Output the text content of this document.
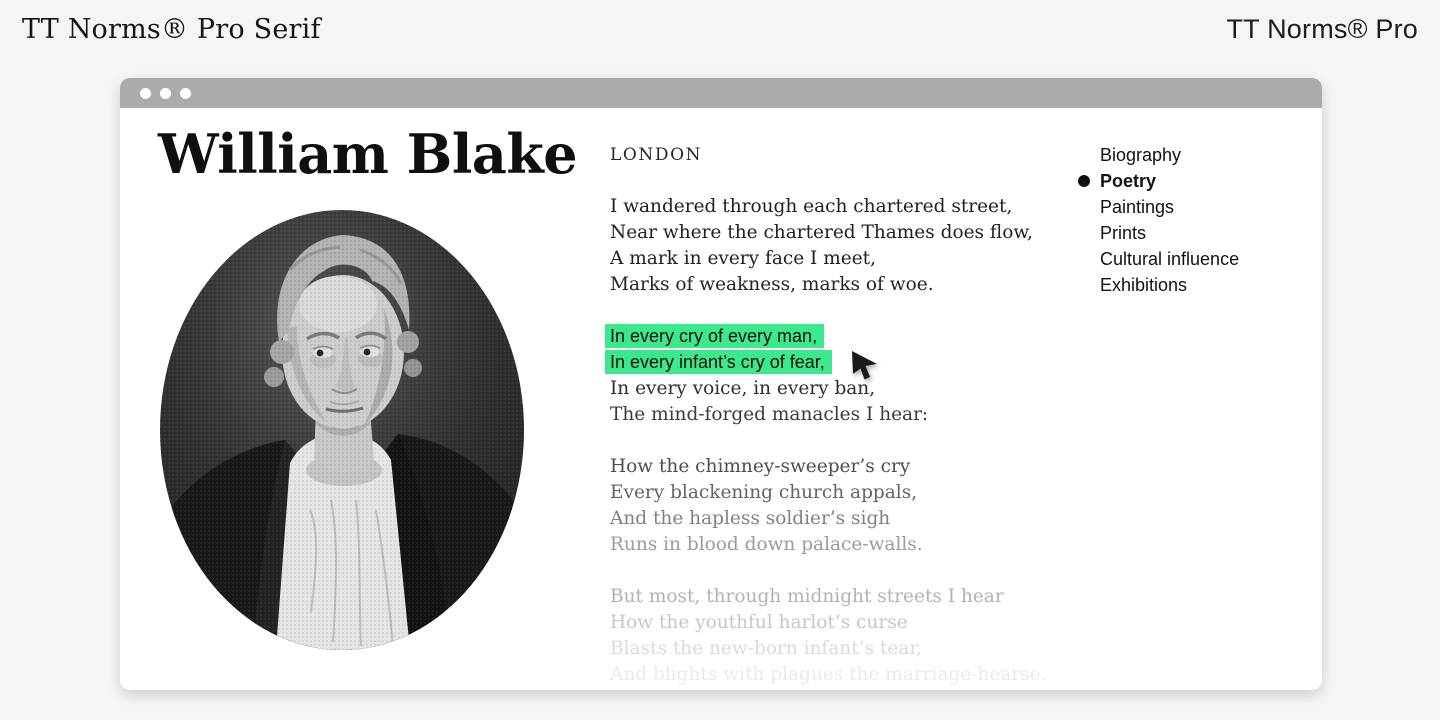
TT Norms® Pro Serif	TT Norms® Pro
William Blake LONDON
I wandered through each chartered street,
Near where the chartered Thames does flow,
A mark in every face I meet,
Marks of weakness, marks of woe.
In every cry of every man,
In every infant’s cry of fear,
In every voice, in every ban,
The mind-forged manacles I hear:
How the chimney-sweeper’s cry
Every blackening church appals,
And the hapless soldier’s sigh
Runs in blood down palace-walls.
But most, through midnight streets I hear
How the youthful harlot’s curse
Blasts the new-born infant’s tear,
And blights with plagues the marriage-hearse.
Biography
Poetry
Paintings
Prints
Cultural influence
Exhibitions
